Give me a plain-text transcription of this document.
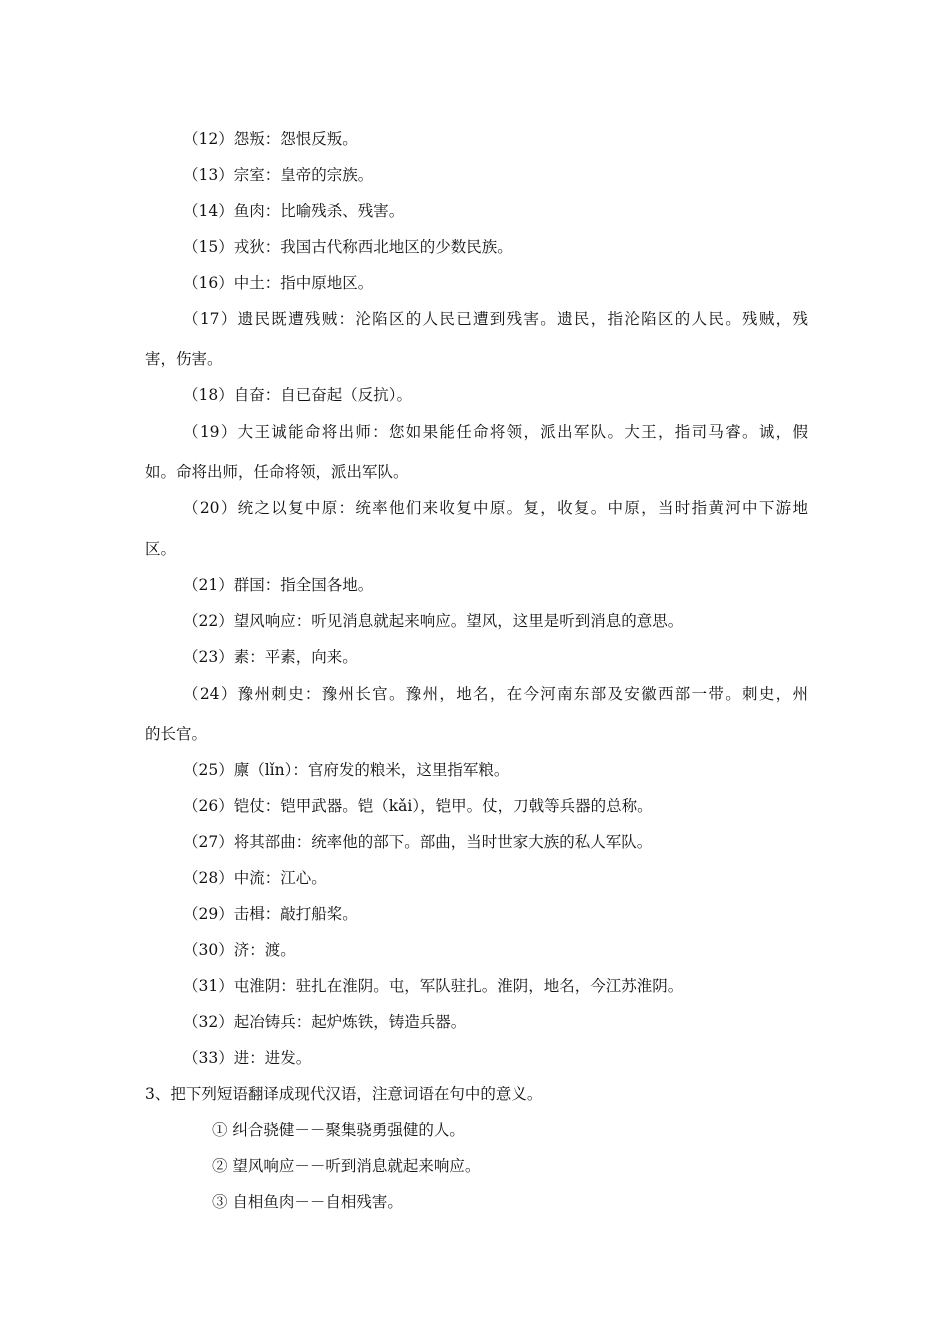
（12）怨叛：怨恨反叛。
（13）宗室：皇帝的宗族。
（14）鱼肉：比喻残杀、残害。
（15）戎狄：我国古代称西北地区的少数民族。
（16）中土：指中原地区。
（17）遗民既遭残贼：沦陷区的人民已遭到残害。遗民，指沦陷区的人民。残贼，残
害，伤害。
（18）自奋：自已奋起（反抗）。
（19）大王诚能命将出师：您如果能任命将领，派出军队。大王，指司马睿。诚，假
如。命将出师，任命将领，派出军队。
（20）统之以复中原：统率他们来收复中原。复，收复。中原，当时指黄河中下游地
区。
（21）群国：指全国各地。
（22）望风响应：听见消息就起来响应。望风，这里是听到消息的意思。
（23）素：平素，向来。
（24）豫州刺史：豫州长官。豫州，地名，在今河南东部及安徽西部一带。刺史，州
的长官。
（25）廪（lǐn）：官府发的粮米，这里指军粮。
（26）铠仗：铠甲武器。铠（kǎi），铠甲。仗，刀戟等兵器的总称。
（27）将其部曲：统率他的部下。部曲，当时世家大族的私人军队。
（28）中流：江心。
（29）击楫：敲打船桨。
（30）济：渡。
（31）屯淮阴：驻扎在淮阴。屯，军队驻扎。淮阴，地名，今江苏淮阴。
（32）起冶铸兵：起炉炼铁，铸造兵器。
（33）进：进发。
3、把下列短语翻译成现代汉语，注意词语在句中的意义。
① 纠合骁健－－聚集骁勇强健的人。
② 望风响应－－听到消息就起来响应。
③ 自相鱼肉－－自相残害。
